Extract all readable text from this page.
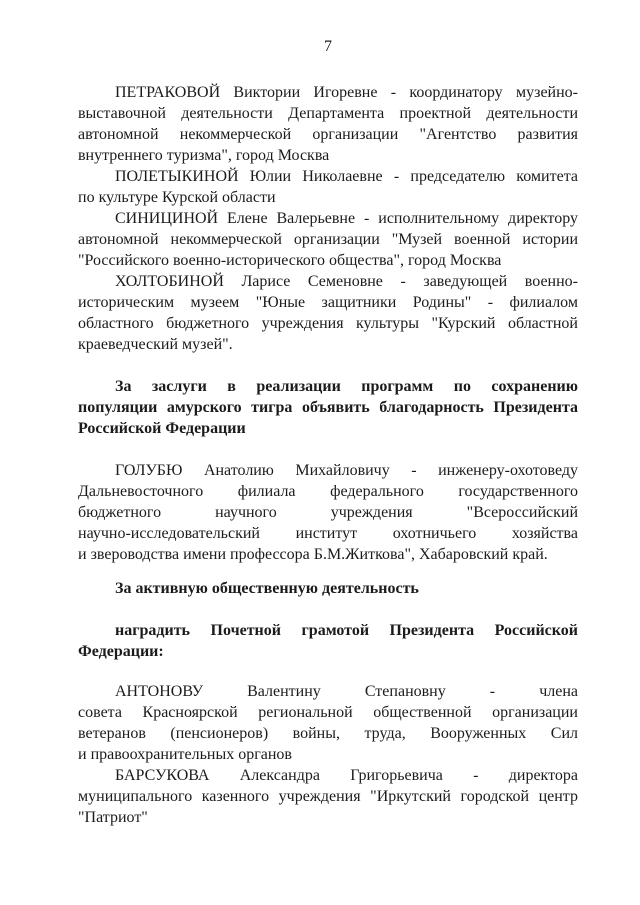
7
ПЕТРАКОВОЙ Виктории Игоревне - координатору музейно-
выставочной деятельности Департамента проектной деятельности
автономной некоммерческой организации "Агентство развития
внутреннего туризма", город Москва
ПОЛЕТЫКИНОЙ Юлии Николаевне - председателю комитета
по культуре Курской области
СИНИЦИНОЙ Елене Валерьевне - исполнительному директору
автономной некоммерческой организации "Музей военной истории
"Российского военно-исторического общества", город Москва
ХОЛТОБИНОЙ Ларисе Семеновне - заведующей военно-
историческим музеем "Юные защитники Родины" - филиалом
областного бюджетного учреждения культуры "Курский областной
краеведческий музей".
За заслуги в реализации программ по сохранению
популяции амурского тигра объявить благодарность Президента
Российской Федерации
ГОЛУБЮ Анатолию Михайловичу - инженеру-охотоведу
Дальневосточного филиала федерального государственного
бюджетного научного учреждения "Всероссийский
научно-исследовательский институт охотничьего хозяйства
и звероводства имени профессора Б.М.Житкова", Хабаровский край.
За активную общественную деятельность
наградить Почетной грамотой Президента Российской
Федерации:
АНТОНОВУ Валентину Степановну - члена
совета Красноярской региональной общественной организации
ветеранов (пенсионеров) войны, труда, Вооруженных Сил
и правоохранительных органов
БАРСУКОВА Александра Григорьевича - директора
муниципального казенного учреждения "Иркутский городской центр
"Патриот"
